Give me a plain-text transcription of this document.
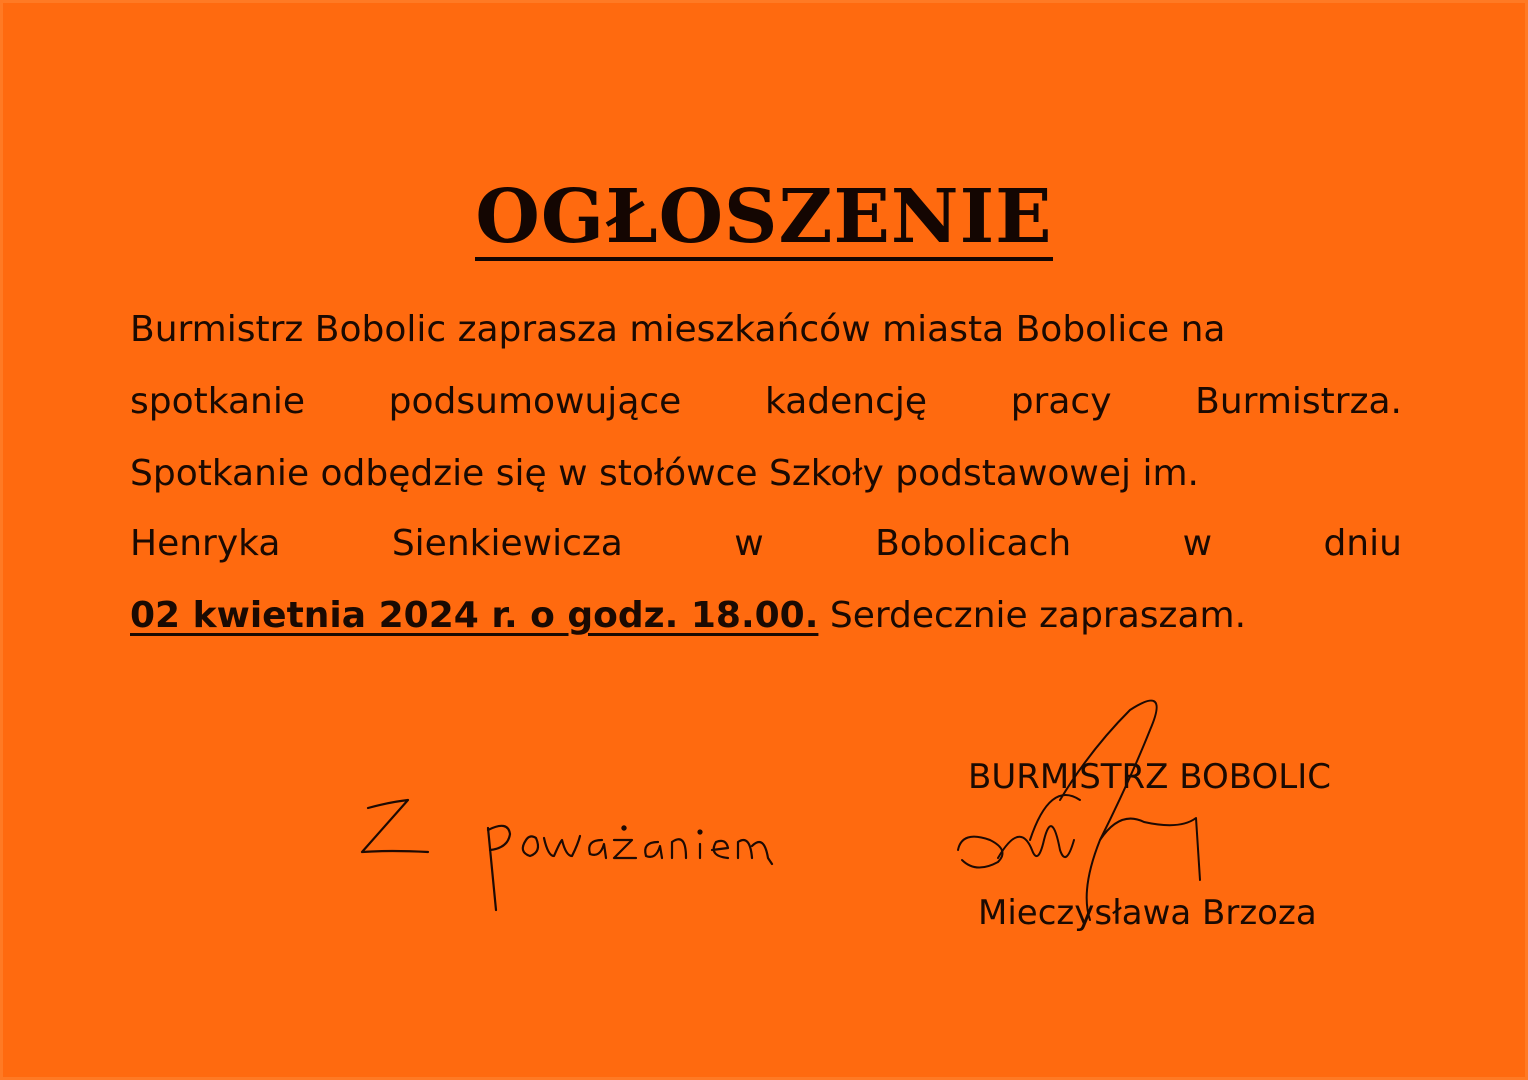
OGŁOSZENIE
Burmistrz Bobolic zaprasza mieszkańców miasta Bobolice na
spotkanie podsumowujące kadencję pracy Burmistrza.
Spotkanie odbędzie się w stołówce Szkoły podstawowej im.
Henryka	Sienkiewicza	w	Bobolicach	w	dniu
02 kwietnia 2024 r. o godz. 18.00. Serdecznie zapraszam.
BURMISTRZ BOBOLIC
Mieczysława Brzoza
